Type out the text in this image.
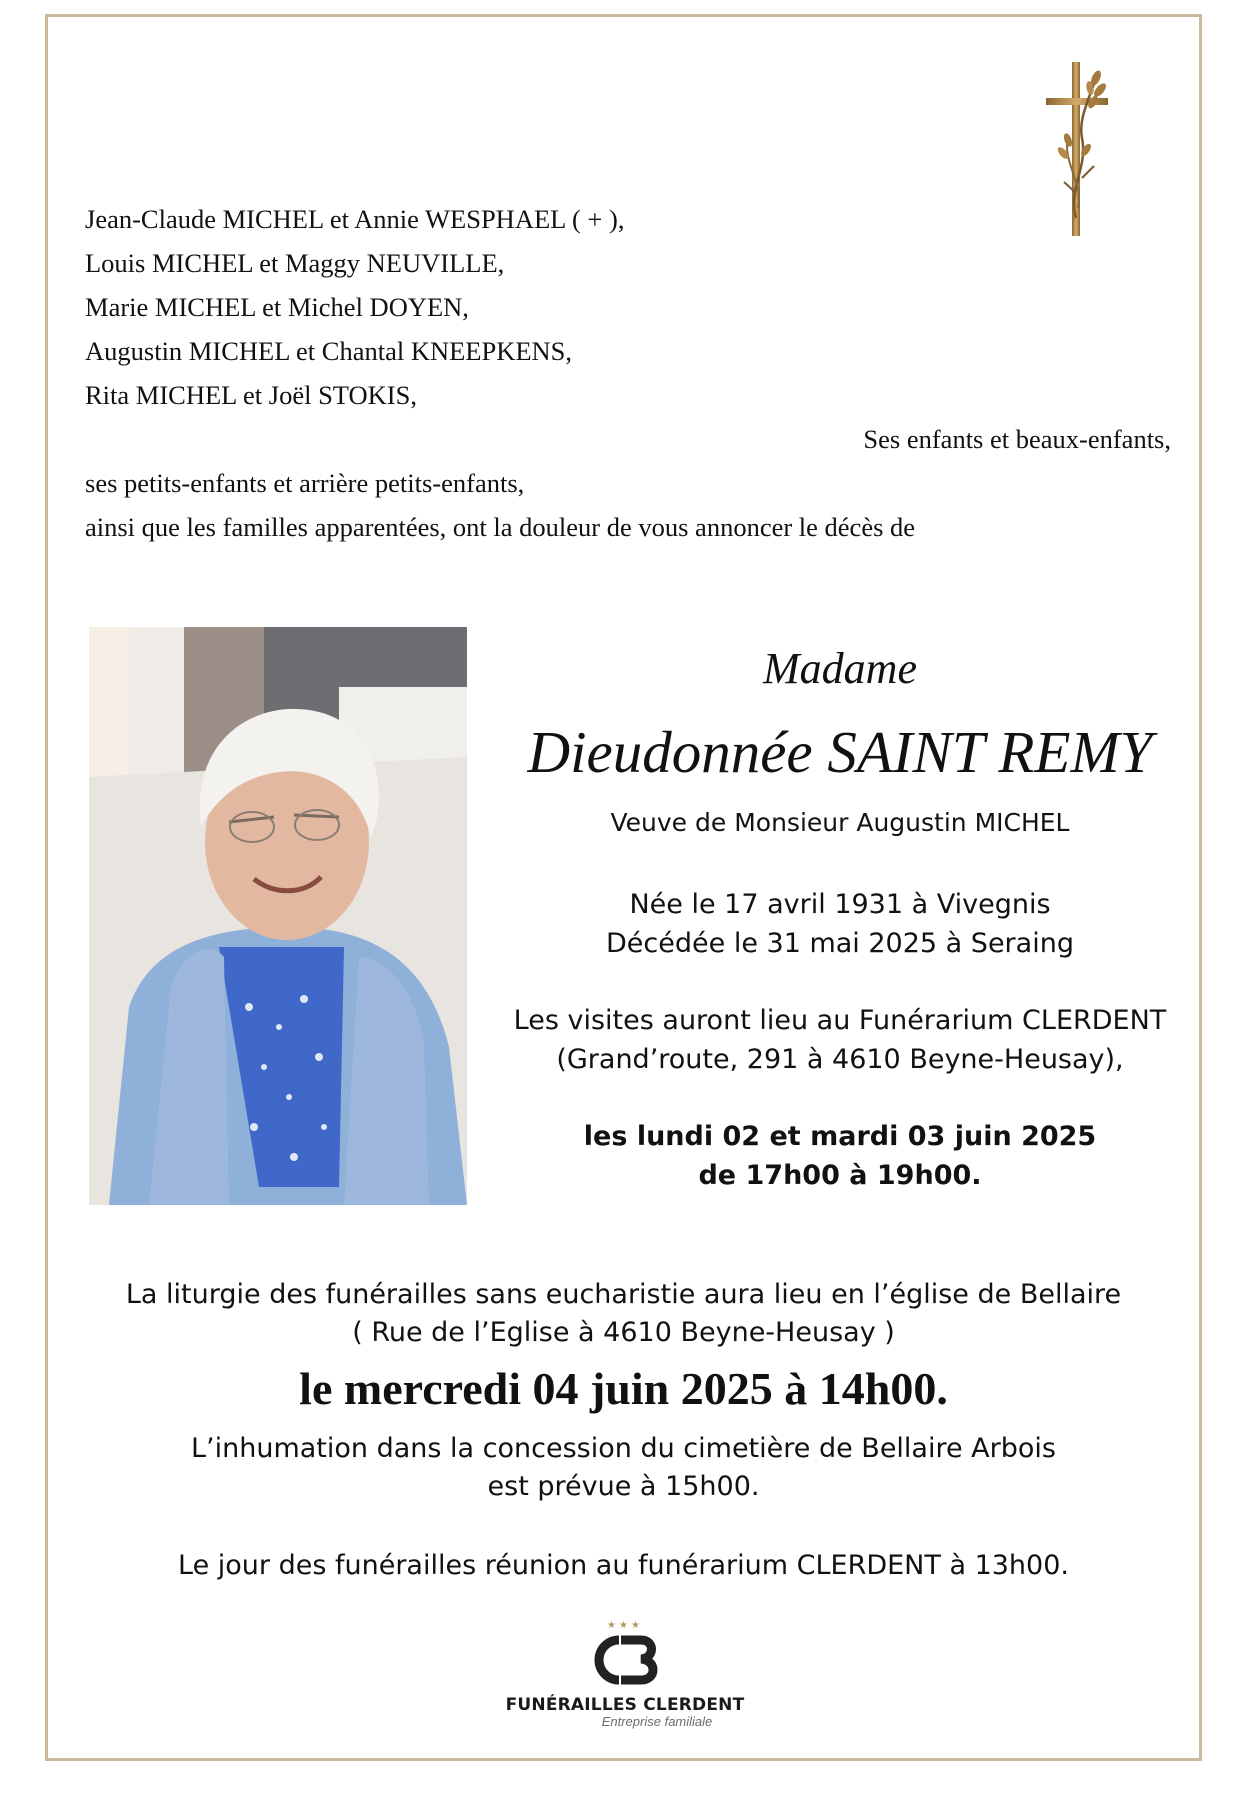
Jean-Claude MICHEL et Annie WESPHAEL ( + ),
Louis MICHEL et Maggy NEUVILLE,
Marie MICHEL et Michel DOYEN,
Augustin MICHEL et Chantal KNEEPKENS,
Rita MICHEL et Joël STOKIS,
Ses enfants et beaux-enfants,
ses petits-enfants et arrière petits-enfants,
ainsi que les familles apparentées, ont la douleur de vous annoncer le décès de
Madame
Dieudonnée SAINT REMY
Veuve de Monsieur Augustin MICHEL
Née le 17 avril 1931 à Vivegnis
Décédée le 31 mai 2025 à Seraing
Les visites auront lieu au Funérarium CLERDENT
(Grand’route, 291 à 4610 Beyne-Heusay),
les lundi 02 et mardi 03 juin 2025
de 17h00 à 19h00.
La liturgie des funérailles sans eucharistie aura lieu en l’église de Bellaire
( Rue de l’Eglise à 4610 Beyne-Heusay )
le mercredi 04 juin 2025 à 14h00.
L’inhumation dans la concession du cimetière de Bellaire Arbois
est prévue à 15h00.
Le jour des funérailles réunion au funérarium CLERDENT à 13h00.
★★★
FUNÉRAILLES CLERDENT
Entreprise familiale
